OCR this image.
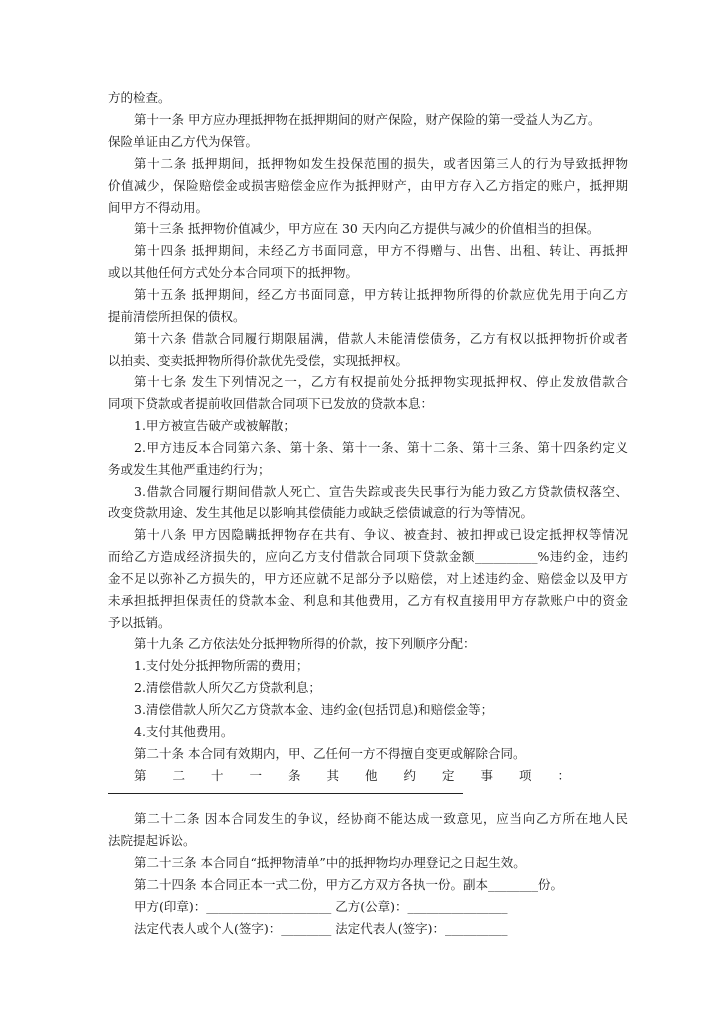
方的检查。
第十一条 甲方应办理抵押物在抵押期间的财产保险，财产保险的第一受益人为乙方。
保险单证由乙方代为保管。
第十二条 抵押期间，抵押物如发生投保范围的损失，或者因第三人的行为导致抵押物
价值减少，保险赔偿金或损害赔偿金应作为抵押财产，由甲方存入乙方指定的账户，抵押期
间甲方不得动用。
第十三条 抵押物价值减少，甲方应在 30 天内向乙方提供与减少的价值相当的担保。
第十四条 抵押期间，未经乙方书面同意，甲方不得赠与、出售、出租、转让、再抵押
或以其他任何方式处分本合同项下的抵押物。
第十五条 抵押期间，经乙方书面同意，甲方转让抵押物所得的价款应优先用于向乙方
提前清偿所担保的债权。
第十六条 借款合同履行期限届满，借款人未能清偿债务，乙方有权以抵押物折价或者
以拍卖、变卖抵押物所得价款优先受偿，实现抵押权。
第十七条 发生下列情况之一，乙方有权提前处分抵押物实现抵押权、停止发放借款合
同项下贷款或者提前收回借款合同项下已发放的贷款本息：
1.甲方被宣告破产或被解散；
2.甲方违反本合同第六条、第十条、第十一条、第十二条、第十三条、第十四条约定义
务或发生其他严重违约行为；
3.借款合同履行期间借款人死亡、宣告失踪或丧失民事行为能力致乙方贷款债权落空、
改变贷款用途、发生其他足以影响其偿债能力或缺乏偿债诚意的行为等情况。
第十八条 甲方因隐瞒抵押物存在共有、争议、被查封、被扣押或已设定抵押权等情况
而给乙方造成经济损失的，应向乙方支付借款合同项下贷款金额__________%违约金，违约
金不足以弥补乙方损失的，甲方还应就不足部分予以赔偿，对上述违约金、赔偿金以及甲方
未承担抵押担保责任的贷款本金、利息和其他费用，乙方有权直接用甲方存款账户中的资金
予以抵销。
第十九条 乙方依法处分抵押物所得的价款，按下列顺序分配：
1.支付处分抵押物所需的费用；
2.清偿借款人所欠乙方贷款利息；
3.清偿借款人所欠乙方贷款本金、违约金(包括罚息)和赔偿金等；
4.支付其他费用。
第二十条 本合同有效期内，甲、乙任何一方不得擅自变更或解除合同。
第二十一条其他约定事项：
第二十二条 因本合同发生的争议，经协商不能达成一致意见，应当向乙方所在地人民
法院提起诉讼。
第二十三条 本合同自“抵押物清单”中的抵押物均办理登记之日起生效。
第二十四条 本合同正本一式二份，甲方乙方双方各执一份。副本________份。
甲方(印章)：____________________ 乙方(公章)：________________
法定代表人或个人(签字)：________ 法定代表人(签字)：__________
